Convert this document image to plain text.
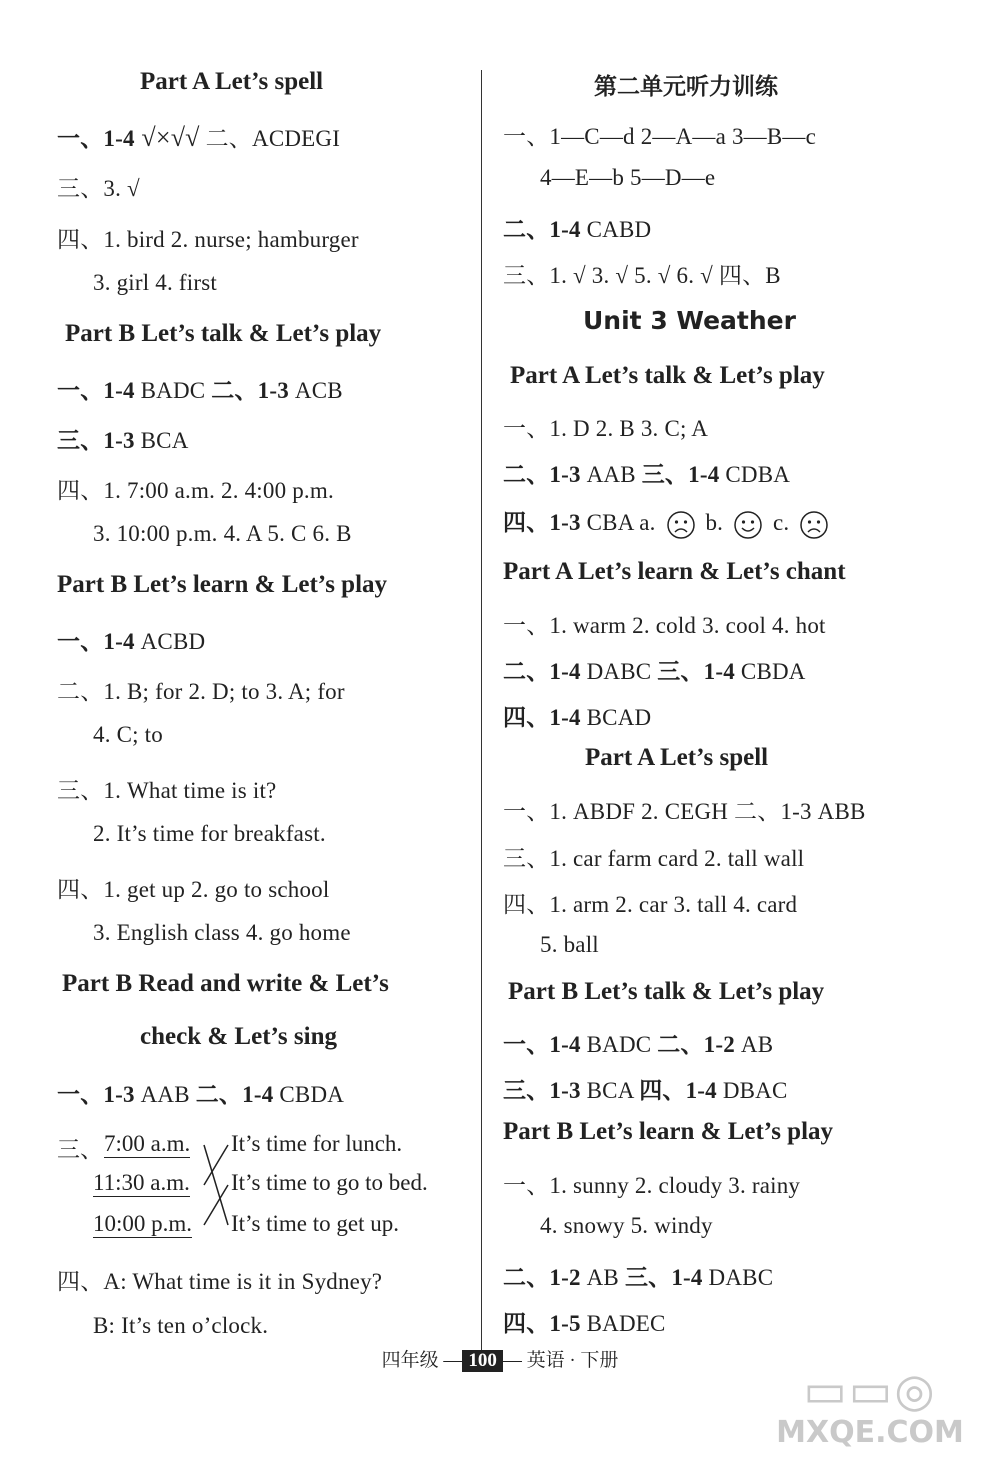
Part A Let’s spell
一、1-4 √×√√ 二、ACDEGI
三、3. √
四、1. bird 2. nurse; hamburger
3. girl 4. first
Part B Let’s talk & Let’s play
一、1-4 BADC 二、1-3 ACB
三、1-3 BCA
四、1. 7:00 a.m. 2. 4:00 p.m.
3. 10:00 p.m. 4. A 5. C 6. B
Part B Let’s learn & Let’s play
一、1-4 ACBD
二、1. B; for 2. D; to 3. A; for
4. C; to
三、1. What time is it?
2. It’s time for breakfast.
四、1. get up 2. go to school
3. English class 4. go home
Part B Read and write & Let’s
check & Let’s sing
一、1-3 AAB 二、1-4 CBDA
三、 7:00 a.m.
11:30 a.m.
10:00 p.m.
It’s time for lunch.
It’s time to go to bed.
It’s time to get up.
四、A: What time is it in Sydney?
B: It’s ten o’clock.
第二单元听力训练
一、1—C—d 2—A—a 3—B—c
4—E—b 5—D—e
二、1-4 CABD
三、1. √ 3. √ 5. √ 6. √ 四、B
Unit 3 Weather
Part A Let’s talk & Let’s play
一、1. D 2. B 3. C; A
二、1-3 AAB 三、1-4 CDBA
四、1-3 CBA a.  b.  c.
Part A Let’s learn & Let’s chant
一、1. warm 2. cold 3. cool 4. hot
二、1-4 DABC 三、1-4 CBDA
四、1-4 BCAD
Part A Let’s spell
一、1. ABDF 2. CEGH 二、1-3 ABB
三、1. car farm card 2. tall wall
四、1. arm 2. car 3. tall 4. card
5. ball
Part B Let’s talk & Let’s play
一、1-4 BADC 二、1-2 AB
三、1-3 BCA 四、1-4 DBAC
Part B Let’s learn & Let’s play
一、1. sunny 2. cloudy 3. rainy
4. snowy 5. windy
二、1-2 AB 三、1-4 DABC
四、1-5 BADEC
四年级 — 100 — 英语 · 下册
▭▭◎
MXQE.COM
